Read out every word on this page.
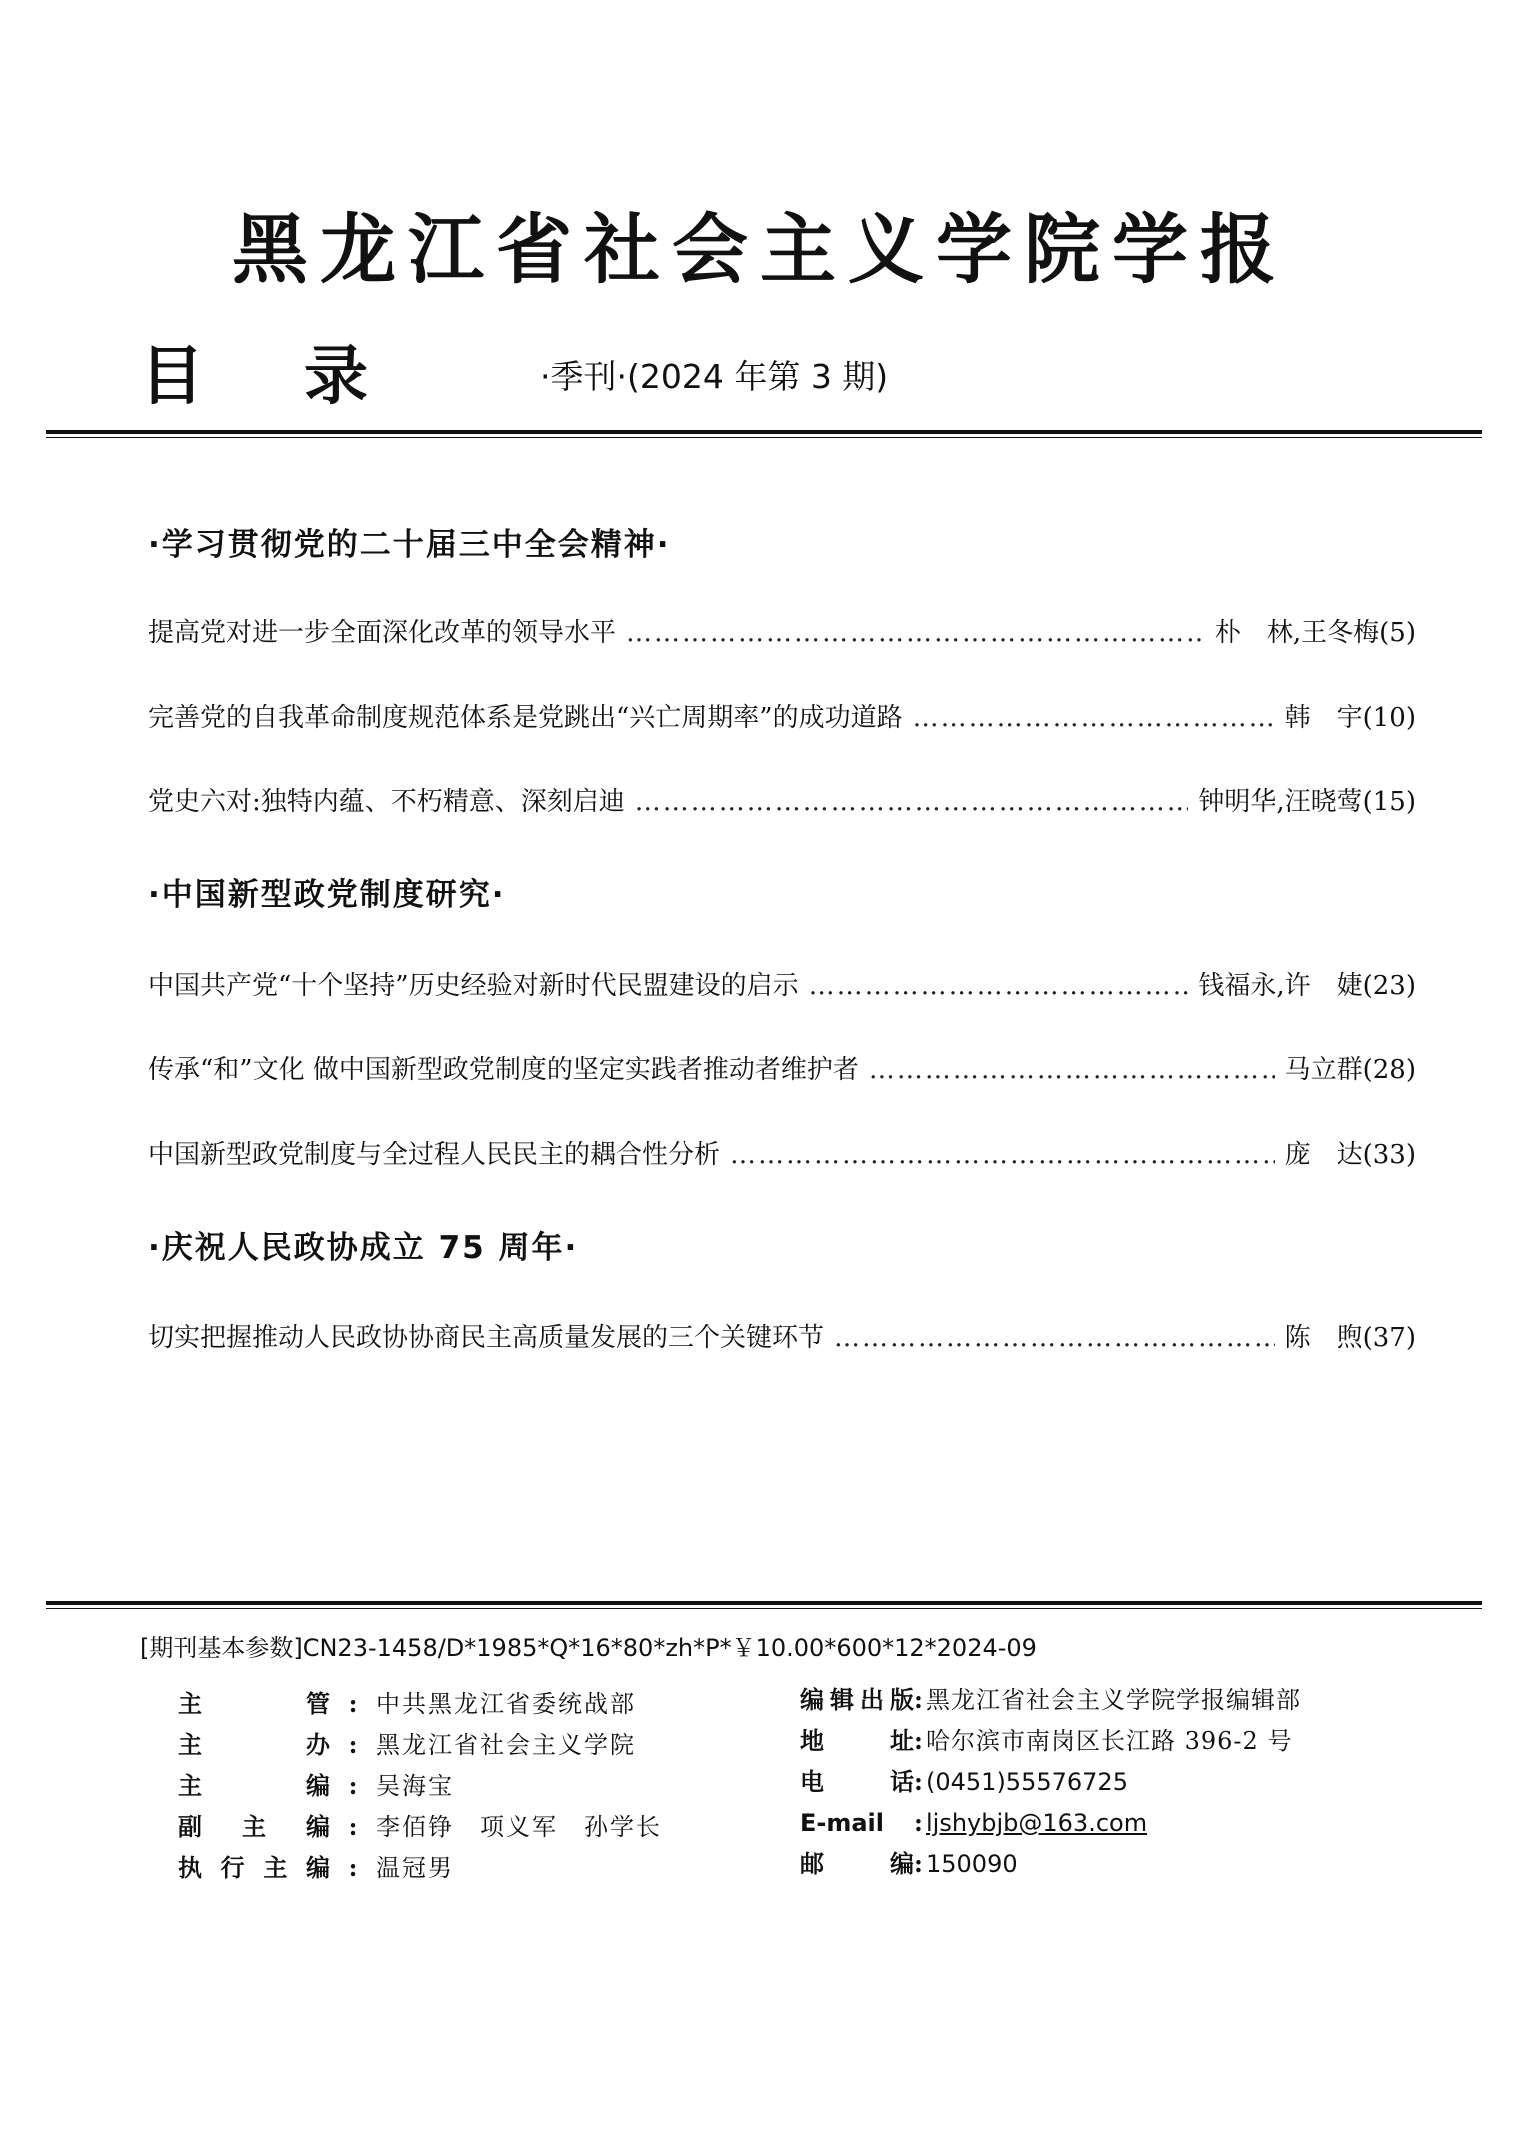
黑龙江省社会主义学院学报
目录 ·季刊·(2024 年第 3 期)
·学习贯彻党的二十届三中全会精神·
提高党对进一步全面深化改革的领导水平 ……………………………………………………………………………………………………………………………………………………………………………	朴　林,王冬梅(5)
完善党的自我革命制度规范体系是党跳出“兴亡周期率”的成功道路 ……………………………………………………………………………………………………………………………………………………………………………	韩　宇(10)
党史六对:独特内蕴、不朽精意、深刻启迪 ……………………………………………………………………………………………………………………………………………………………………………	钟明华,汪晓莺(15)
·中国新型政党制度研究·
中国共产党“十个坚持”历史经验对新时代民盟建设的启示 ……………………………………………………………………………………………………………………………………………………………………………	钱福永,许　婕(23)
传承“和”文化 做中国新型政党制度的坚定实践者推动者维护者 ……………………………………………………………………………………………………………………………………………………………………………	马立群(28)
中国新型政党制度与全过程人民民主的耦合性分析 ……………………………………………………………………………………………………………………………………………………………………………	庞　达(33)
·庆祝人民政协成立 75 周年·
切实把握推动人民政协协商民主高质量发展的三个关键环节 ……………………………………………………………………………………………………………………………………………………………………………	陈　煦(37)
[期刊基本参数]CN23-1458/D*1985*Q*16*80*zh*P*￥10.00*600*12*2024-09
主	管 : 中共黑龙江省委统战部
主	办 : 黑龙江省社会主义学院
主	编 : 吴海宝
副 主 编 : 李佰铮　项义军　孙学长
执 行 主 编 : 温冠男
编 辑 出 版 : 黑龙江省社会主义学院学报编辑部
地	址 : 哈尔滨市南岗区长江路 396-2 号
电	话 : (0451)55576725
E-mail	: ljshybjb@163.com
邮	编 : 150090
